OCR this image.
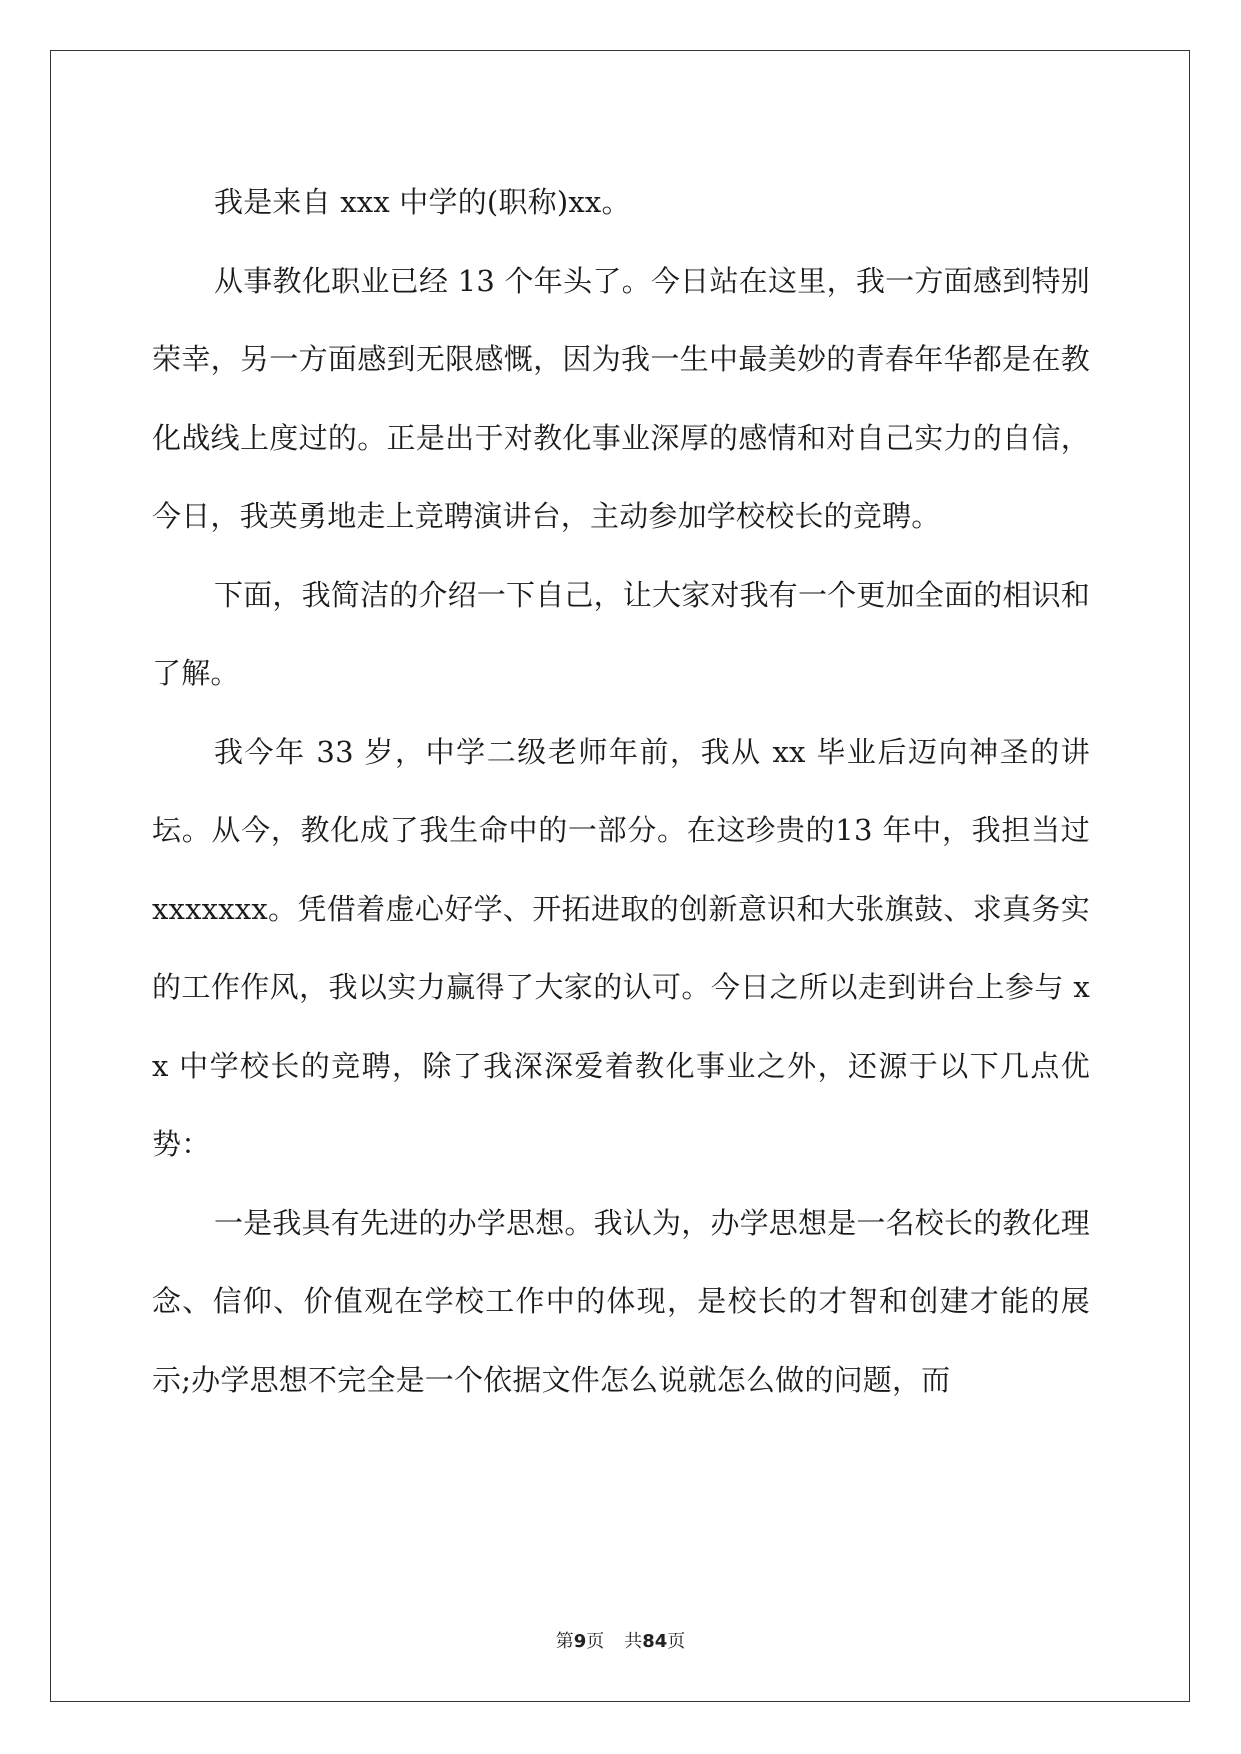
我是来自 xxx 中学的(职称)xx。

从事教化职业已经 13 个年头了。今日站在这里，我一方面感到特别荣幸，另一方面感到无限感慨，因为我一生中最美妙的青春年华都是在教化战线上度过的。正是出于对教化事业深厚的感情和对自己实力的自信，今日，我英勇地走上竞聘演讲台，主动参加学校校长的竞聘。

下面，我简洁的介绍一下自己，让大家对我有一个更加全面的相识和了解。

我今年 33 岁，中学二级老师年前，我从 xx 毕业后迈向神圣的讲坛。从今，教化成了我生命中的一部分。在这珍贵的13 年中，我担当过 xxxxxxx。凭借着虚心好学、开拓进取的创新意识和大张旗鼓、求真务实的工作作风，我以实力赢得了大家的认可。今日之所以走到讲台上参与 xx 中学校长的竞聘，除了我深深爱着教化事业之外，还源于以下几点优势：

一是我具有先进的办学思想。我认为，办学思想是一名校长的教化理念、信仰、价值观在学校工作中的体现，是校长的才智和创建才能的展示;办学思想不完全是一个依据文件怎么说就怎么做的问题，而

第9页 共84页
